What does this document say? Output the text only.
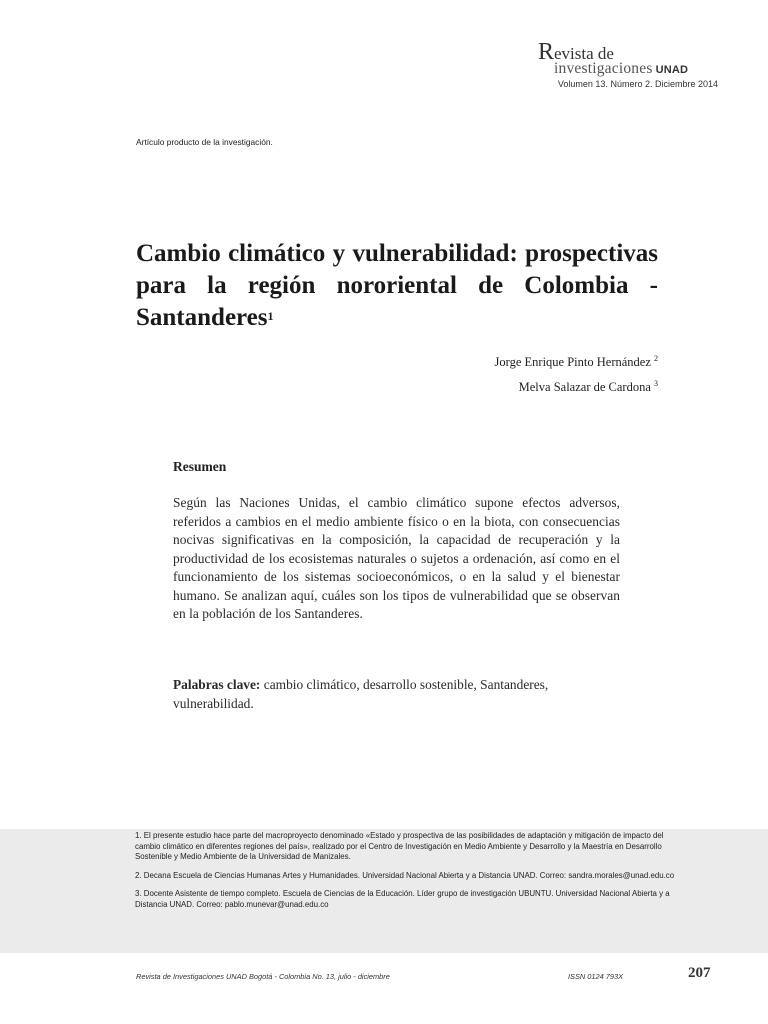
Revista de
investigaciones UNAD
Volumen 13. Número 2. Diciembre 2014
Artículo producto de la investigación.
Cambio climático y vulnerabilidad: prospectivas para la región nororiental de Colombia - Santanderes$^1$
Jorge Enrique Pinto Hernández $^2$
Melva Salazar de Cardona $^3$
Resumen

Según las Naciones Unidas, el cambio climático supone efectos adversos, referidos a cambios en el medio ambiente físico o en la biota, con consecuencias nocivas significativas en la composición, la capacidad de recuperación y la productividad de los ecosistemas naturales o sujetos a ordenación, así como en el funcionamiento de los sistemas socioeconómicos, o en la salud y el bienestar humano. Se analizan aquí, cuáles son los tipos de vulnerabilidad que se observan en la población de los Santanderes.

Palabras clave: cambio climático, desarrollo sostenible, Santanderes, vulnerabilidad.

1. El presente estudio hace parte del macroproyecto denominado «Estado y prospectiva de las posibilidades de adaptación y mitigación de impacto del cambio climático en diferentes regiones del país», realizado por el Centro de Investigación en Medio Ambiente y Desarrollo y la Maestría en Desarrollo Sostenible y Medio Ambiente de la Universidad de Manizales.

2. Decana Escuela de Ciencias Humanas Artes y Humanidades. Universidad Nacional Abierta y a Distancia UNAD. Correo: sandra.morales@unad.edu.co

3. Docente Asistente de tiempo completo. Escuela de Ciencias de la Educación. Líder grupo de investigación UBUNTU. Universidad Nacional Abierta y a Distancia UNAD. Correo: pablo.munevar@unad.edu.co

Revista de Investigaciones UNAD Bogotá - Colombia No. 13, julio - diciembre	ISSN 0124 793X	207
